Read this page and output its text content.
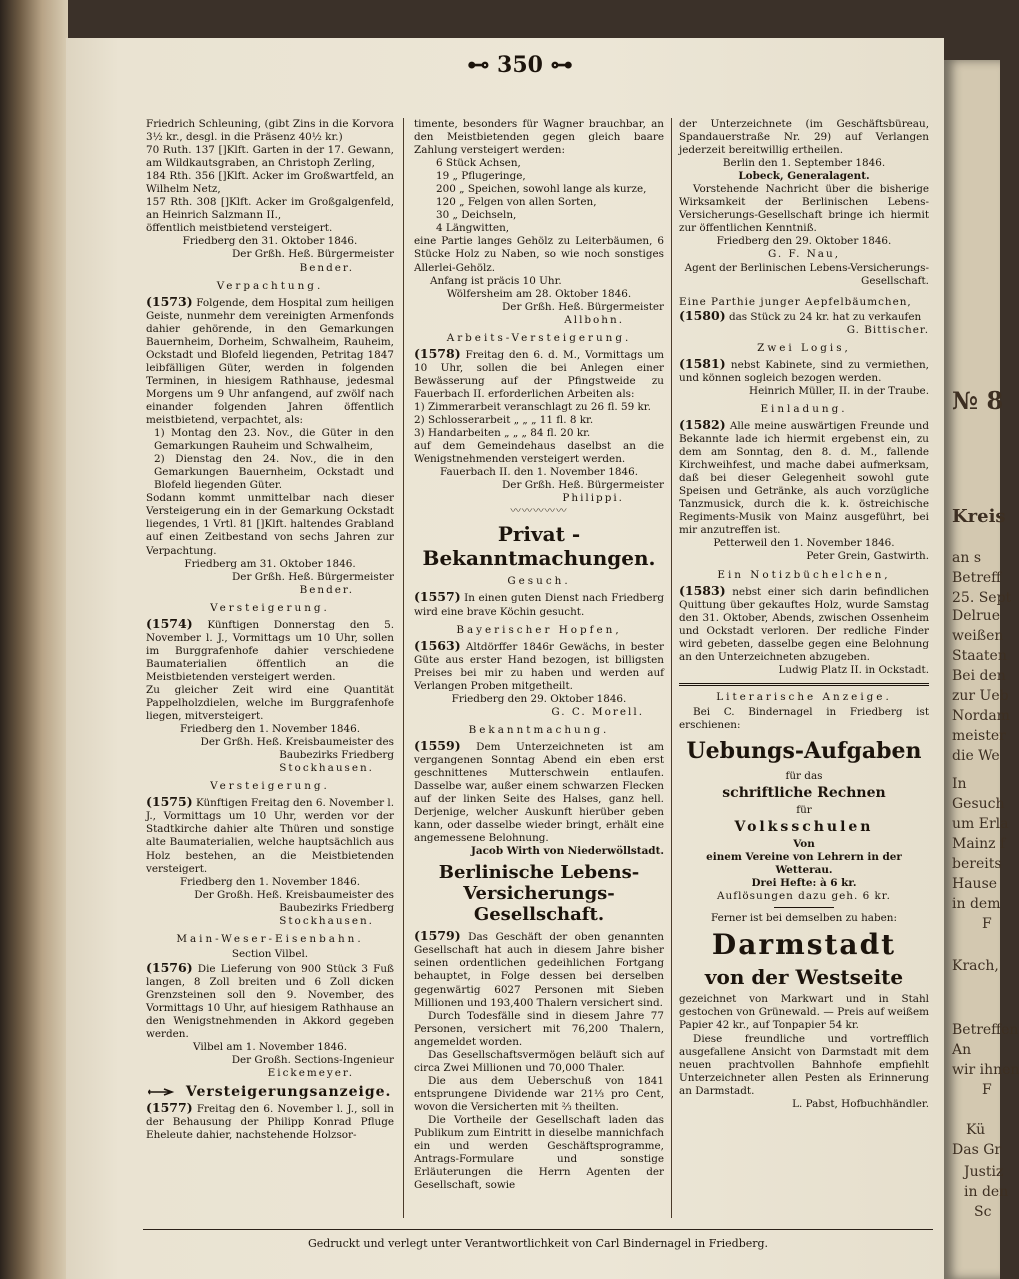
№ 8
Kreis
an s
Betreff
25. Sept
Delrue
weißen
Staaten
Bei den
zur Ueb
Nordam
meister
die We
In
Gesuch
um Erla
Mainz f
bereits
Hause
in dem
F
Krach,
Betreffen
An
wir ihnen
F
Kü
Das Gr
Justiz
in den
Sc
⊷ 350 ⊶

Friedrich Schleuning, (gibt Zins in die Korvora 3½ kr., desgl. in die Präsenz 40½ kr.)

70 Ruth. 137 []Klft. Garten in der 17. Gewann, am Wildkautsgraben, an Christoph Zerling,

184 Rth. 356 []Klft. Acker im Großwartfeld, an Wilhelm Netz,

157 Rth. 308 []Klft. Acker im Großgalgenfeld, an Heinrich Salzmann II.,

öffentlich meistbietend versteigert.

Friedberg den 31. Oktober 1846.

Der Grßh. Heß. Bürgermeister

Bender.

Verpachtung.

(1573) Folgende, dem Hospital zum heiligen Geiste, nunmehr dem vereinigten Armenfonds dahier gehörende, in den Gemarkungen Bauernheim, Dorheim, Schwalheim, Rauheim, Ockstadt und Blofeld liegenden, Petritag 1847 leibfälligen Güter, werden in folgenden Terminen, in hiesigem Rathhause, jedesmal Morgens um 9 Uhr anfangend, auf zwölf nach einander folgenden Jahren öffentlich meistbietend, verpachtet, als:

1) Montag den 23. Nov., die Güter in den Gemarkungen Rauheim und Schwalheim,

2) Dienstag den 24. Nov., die in den Gemarkungen Bauernheim, Ockstadt und Blofeld liegenden Güter.

Sodann kommt unmittelbar nach dieser Versteigerung ein in der Gemarkung Ockstadt liegendes, 1 Vrtl. 81 []Klft. haltendes Grabland auf einen Zeitbestand von sechs Jahren zur Verpachtung.

Friedberg am 31. Oktober 1846.

Der Grßh. Heß. Bürgermeister

Bender.

Versteigerung.

(1574) Künftigen Donnerstag den 5. November l. J., Vormittags um 10 Uhr, sollen im Burggrafenhofe dahier verschiedene Baumaterialien öffentlich an die Meistbietenden versteigert werden.

Zu gleicher Zeit wird eine Quantität Pappelholzdielen, welche im Burggrafenhofe liegen, mitversteigert.

Friedberg den 1. November 1846.

Der Grßh. Heß. Kreisbaumeister des Baubezirks Friedberg

Stockhausen.

Versteigerung.

(1575) Künftigen Freitag den 6. November l. J., Vormittags um 10 Uhr, werden vor der Stadtkirche dahier alte Thüren und sonstige alte Baumaterialien, welche hauptsächlich aus Holz bestehen, an die Meistbietenden versteigert.

Friedberg den 1. November 1846.

Der Großh. Heß. Kreisbaumeister des Baubezirks Friedberg

Stockhausen.

Main-Weser-Eisenbahn.

Section Vilbel.

(1576) Die Lieferung von 900 Stück 3 Fuß langen, 8 Zoll breiten und 6 Zoll dicken Grenzsteinen soll den 9. November, des Vormittags 10 Uhr, auf hiesigem Rathhause an den Wenigstnehmenden in Akkord gegeben werden.

Vilbel am 1. November 1846.

Der Großh. Sections-Ingenieur

Eickemeyer.

Versteigerungsanzeige.

(1577) Freitag den 6. November l. J., soll in der Behausung der Philipp Konrad Pfluge Eheleute dahier, nachstehende Holzsor-

timente, besonders für Wagner brauchbar, an den Meistbietenden gegen gleich baare Zahlung versteigert werden:

6 Stück Achsen,

19 „ Pflugeringe,

200 „ Speichen, sowohl lange als kurze,

120 „ Felgen von allen Sorten,

30 „ Deichseln,

4 Längwitten,

eine Partie langes Gehölz zu Leiterbäumen, 6 Stücke Holz zu Naben, so wie noch sonstiges Allerlei-Gehölz.

Anfang ist präcis 10 Uhr.

Wölfersheim am 28. Oktober 1846.

Der Grßh. Heß. Bürgermeister

Allbohn.

Arbeits-Versteigerung.

(1578) Freitag den 6. d. M., Vormittags um 10 Uhr, sollen die bei Anlegen einer Bewässerung auf der Pfingstweide zu Fauerbach II. erforderlichen Arbeiten als:

1) Zimmerarbeit veranschlagt zu 26 fl. 59 kr.

2) Schlosserarbeit „ „ „ 11 fl. 8 kr.

3) Handarbeiten „ „ „ 84 fl. 20 kr.

auf dem Gemeindehaus daselbst an die Wenigstnehmenden versteigert werden.

Fauerbach II. den 1. November 1846.

Der Grßh. Heß. Bürgermeister

Philippi.

〰〰〰〰〰

Privat - Bekanntmachungen.

Gesuch.

(1557) In einen guten Dienst nach Friedberg wird eine brave Köchin gesucht.

Bayerischer Hopfen,

(1563) Altdörffer 1846r Gewächs, in bester Güte aus erster Hand bezogen, ist billigsten Preises bei mir zu haben und werden auf Verlangen Proben mitgetheilt.

Friedberg den 29. Oktober 1846.

G. C. Morell.

Bekanntmachung.

(1559) Dem Unterzeichneten ist am vergangenen Sonntag Abend ein eben erst geschnittenes Mutterschwein entlaufen. Dasselbe war, außer einem schwarzen Flecken auf der linken Seite des Halses, ganz hell. Derjenige, welcher Auskunft hierüber geben kann, oder dasselbe wieder bringt, erhält eine angemessene Belohnung.

Jacob Wirth von Niederwöllstadt.

Berlinische Lebens-Versicherungs-Gesellschaft.

(1579) Das Geschäft der oben genannten Gesellschaft hat auch in diesem Jahre bisher seinen ordentlichen gedeihlichen Fortgang behauptet, in Folge dessen bei derselben gegenwärtig 6027 Personen mit Sieben Millionen und 193,400 Thalern versichert sind.

Durch Todesfälle sind in diesem Jahre 77 Personen, versichert mit 76,200 Thalern, angemeldet worden.

Das Gesellschaftsvermögen beläuft sich auf circa Zwei Millionen und 70,000 Thaler.

Die aus dem Ueberschuß von 1841 entsprungene Dividende war 21⅓ pro Cent, wovon die Versicherten mit ⅔ theilten.

Die Vortheile der Gesellschaft laden das Publikum zum Eintritt in dieselbe mannichfach ein und werden Geschäftsprogramme, Antrags-Formulare und sonstige Erläuterungen die Herrn Agenten der Gesellschaft, sowie

der Unterzeichnete (im Geschäftsbüreau, Spandauerstraße Nr. 29) auf Verlangen jederzeit bereitwillig ertheilen.

Berlin den 1. September 1846.

Lobeck, Generalagent.

Vorstehende Nachricht über die bisherige Wirksamkeit der Berlinischen Lebens-Versicherungs-Gesellschaft bringe ich hiermit zur öffentlichen Kenntniß.

Friedberg den 29. Oktober 1846.

G. F. Nau,

Agent der Berlinischen Lebens-Versicherungs-Gesellschaft.

Eine Parthie junger Aepfelbäumchen,

(1580) das Stück zu 24 kr. hat zu verkaufen

G. Bittischer.

Zwei Logis,

(1581) nebst Kabinete, sind zu vermiethen, und können sogleich bezogen werden.

Heinrich Müller, II. in der Traube.

Einladung.

(1582) Alle meine auswärtigen Freunde und Bekannte lade ich hiermit ergebenst ein, zu dem am Sonntag, den 8. d. M., fallende Kirchweihfest, und mache dabei aufmerksam, daß bei dieser Gelegenheit sowohl gute Speisen und Getränke, als auch vorzügliche Tanzmusick, durch die k. k. östreichische Regiments-Musik von Mainz ausgeführt, bei mir anzutreffen ist.

Petterweil den 1. November 1846.

Peter Grein, Gastwirth.

Ein Notizbüchelchen,

(1583) nebst einer sich darin befindlichen Quittung über gekauftes Holz, wurde Samstag den 31. Oktober, Abends, zwischen Ossenheim und Ockstadt verloren. Der redliche Finder wird gebeten, dasselbe gegen eine Belohnung an den Unterzeichneten abzugeben.

Ludwig Platz II. in Ockstadt.

Literarische Anzeige.

Bei C. Bindernagel in Friedberg ist erschienen:

Uebungs-Aufgaben

für das

schriftliche Rechnen

für

Volksschulen

Von

einem Vereine von Lehrern in der Wetterau.

Drei Hefte: à 6 kr.

Auflösungen dazu geh. 6 kr.

Ferner ist bei demselben zu haben:

Darmstadt

von der Westseite

gezeichnet von Markwart und in Stahl gestochen von Grünewald. — Preis auf weißem Papier 42 kr., auf Tonpapier 54 kr.

Diese freundliche und vortrefflich ausgefallene Ansicht von Darmstadt mit dem neuen prachtvollen Bahnhofe empfiehlt Unterzeichneter allen Pesten als Erinnerung an Darmstadt.

L. Pabst, Hofbuchhändler.

Gedruckt und verlegt unter Verantwortlichkeit von Carl Bindernagel in Friedberg.
